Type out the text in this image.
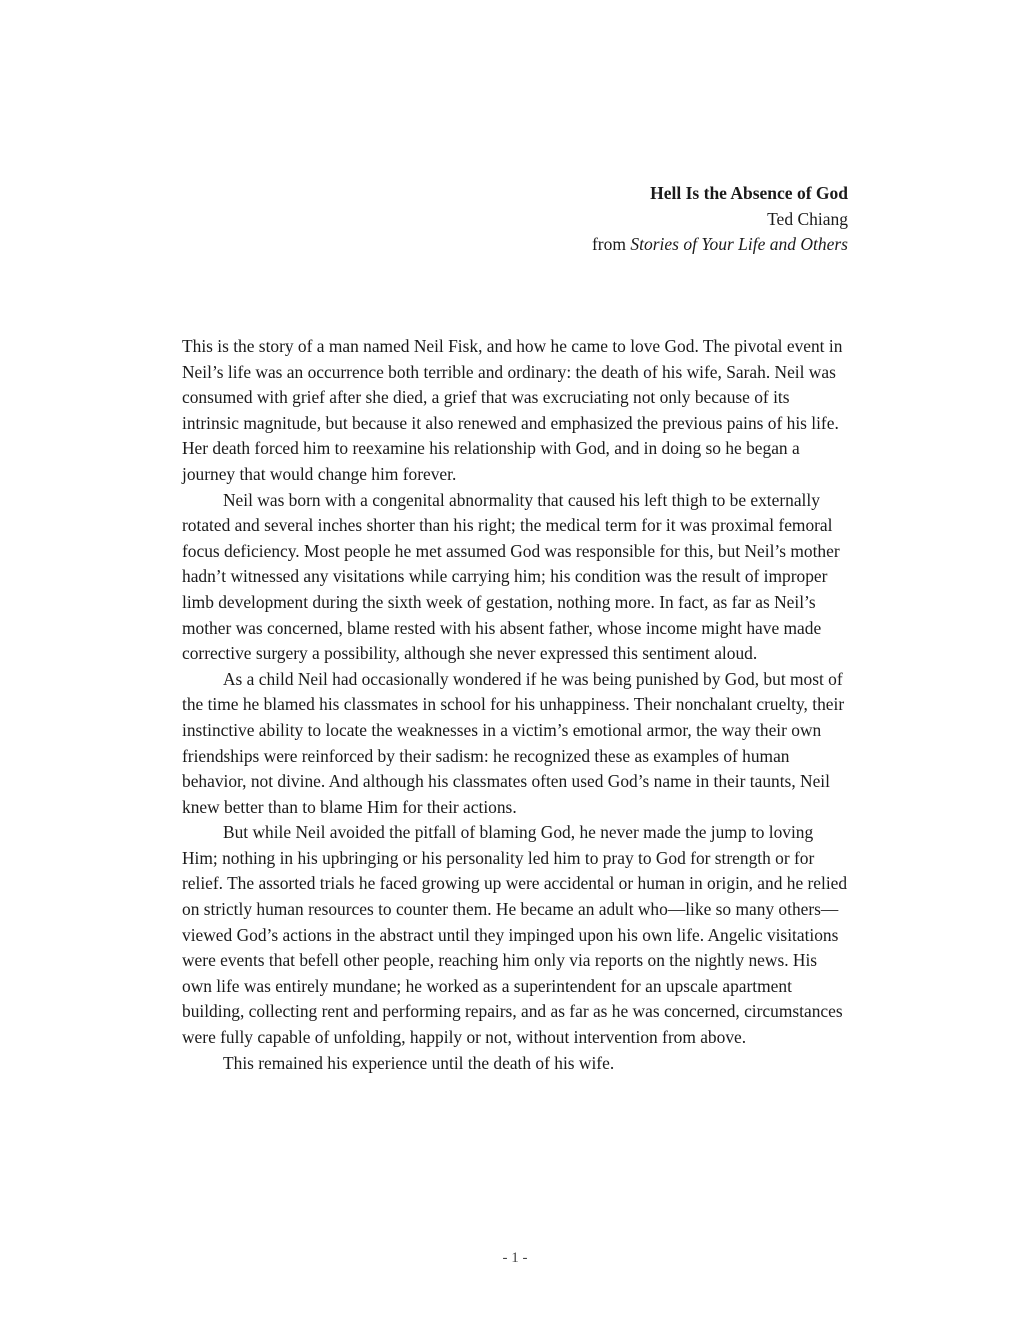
Hell Is the Absence of God
Ted Chiang
from Stories of Your Life and Others

This is the story of a man named Neil Fisk, and how he came to love God. The pivotal event in Neil’s life was an occurrence both terrible and ordinary: the death of his wife, Sarah. Neil was consumed with grief after she died, a grief that was excruciating not only because of its intrinsic magnitude, but because it also renewed and emphasized the previous pains of his life. Her death forced him to reexamine his relationship with God, and in doing so he began a journey that would change him forever.

Neil was born with a congenital abnormality that caused his left thigh to be externally rotated and several inches shorter than his right; the medical term for it was proximal femoral focus deficiency. Most people he met assumed God was responsible for this, but Neil’s mother hadn’t witnessed any visitations while carrying him; his condition was the result of improper limb development during the sixth week of gestation, nothing more. In fact, as far as Neil’s mother was concerned, blame rested with his absent father, whose income might have made corrective surgery a possibility, although she never expressed this sentiment aloud.

As a child Neil had occasionally wondered if he was being punished by God, but most of the time he blamed his classmates in school for his unhappiness. Their nonchalant cruelty, their instinctive ability to locate the weaknesses in a victim’s emotional armor, the way their own friendships were reinforced by their sadism: he recognized these as examples of human behavior, not divine. And although his classmates often used God’s name in their taunts, Neil knew better than to blame Him for their actions.

But while Neil avoided the pitfall of blaming God, he never made the jump to loving Him; nothing in his upbringing or his personality led him to pray to God for strength or for relief. The assorted trials he faced growing up were accidental or human in origin, and he relied on strictly human resources to counter them. He became an adult who—like so many others—viewed God’s actions in the abstract until they impinged upon his own life. Angelic visitations were events that befell other people, reaching him only via reports on the nightly news. His own life was entirely mundane; he worked as a superintendent for an upscale apartment building, collecting rent and performing repairs, and as far as he was concerned, circumstances were fully capable of unfolding, happily or not, without intervention from above.

This remained his experience until the death of his wife.

- 1 -
